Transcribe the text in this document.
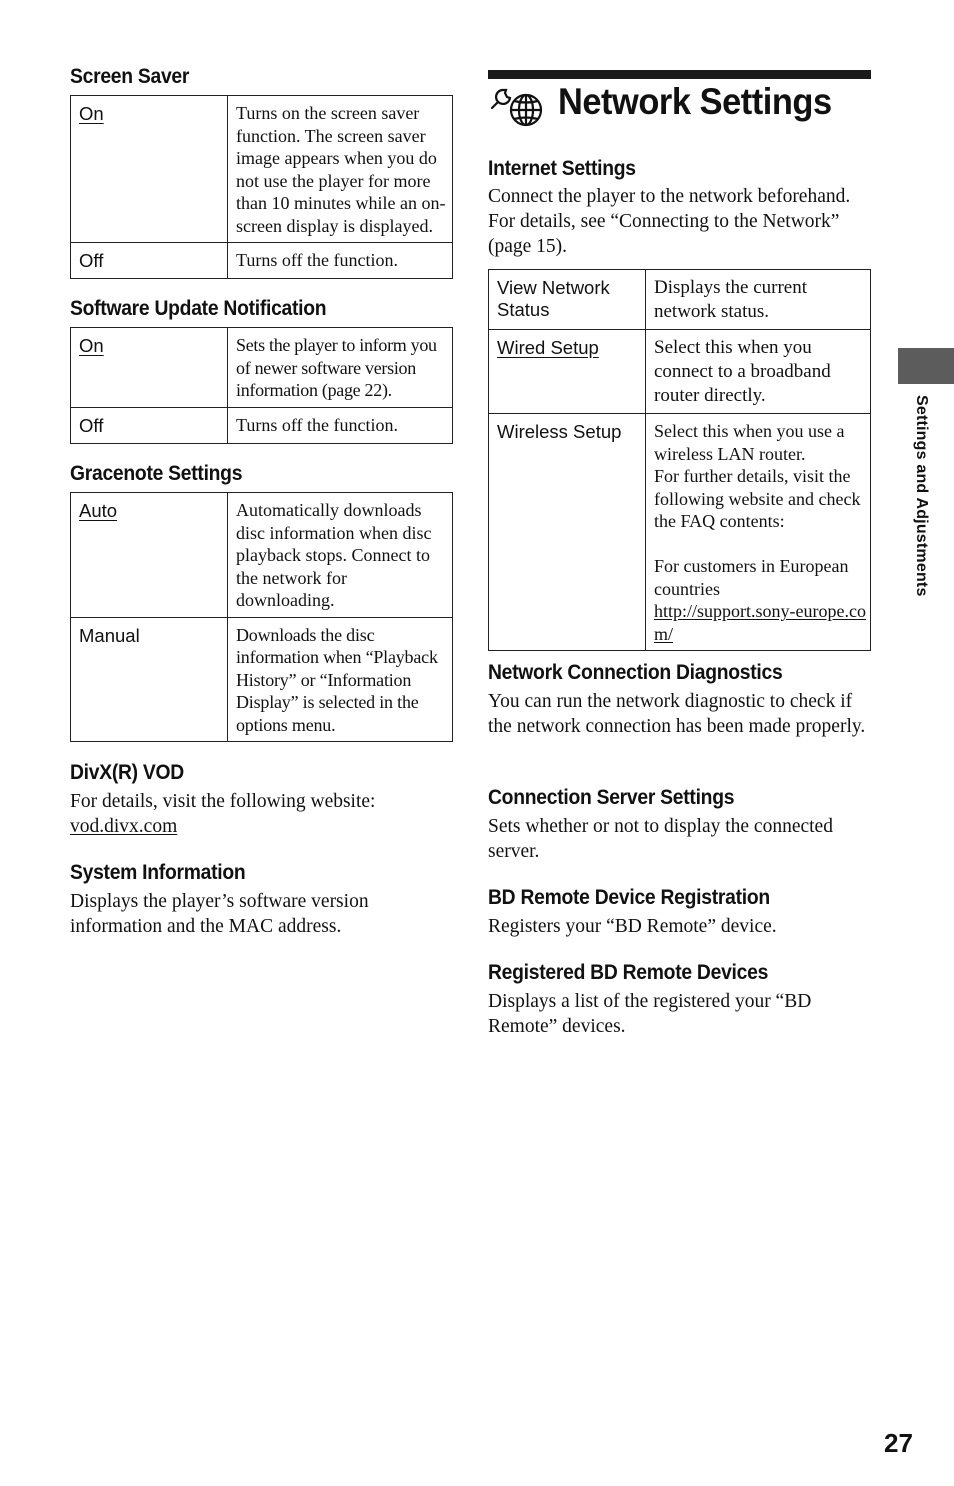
Screen Saver
On	Turns on the screen saver function. The screen saver image appears when you do not use the player for more than 10 minutes while an on-screen display is displayed.
Off	Turns off the function.
Software Update Notification
On	Sets the player to inform you of newer software version information (page 22).
Off	Turns off the function.
Gracenote Settings
Auto	Automatically downloads disc information when disc playback stops. Connect to the network for downloading.
Manual	Downloads the disc information when “Playback History” or “Information Display” is selected in the options menu.
DivX(R) VOD

For details, visit the following website:
vod.divx.com

System Information

Displays the player’s software version information and the MAC address.

Network Settings
Internet Settings

Connect the player to the network beforehand. For details, see “Connecting to the Network” (page 15).

View Network Status	Displays the current network status.
Wired Setup	Select this when you connect to a broadband router directly.
Wireless Setup	Select this when you use a wireless LAN router.
For further details, visit the following website and check the FAQ contents:

For customers in European countries
http://support.sony-europe.com/
Network Connection Diagnostics

You can run the network diagnostic to check if the network connection has been made properly.

Connection Server Settings

Sets whether or not to display the connected server.

BD Remote Device Registration

Registers your “BD Remote” device.

Registered BD Remote Devices

Displays a list of the registered your “BD Remote” devices.

Settings and Adjustments
27
